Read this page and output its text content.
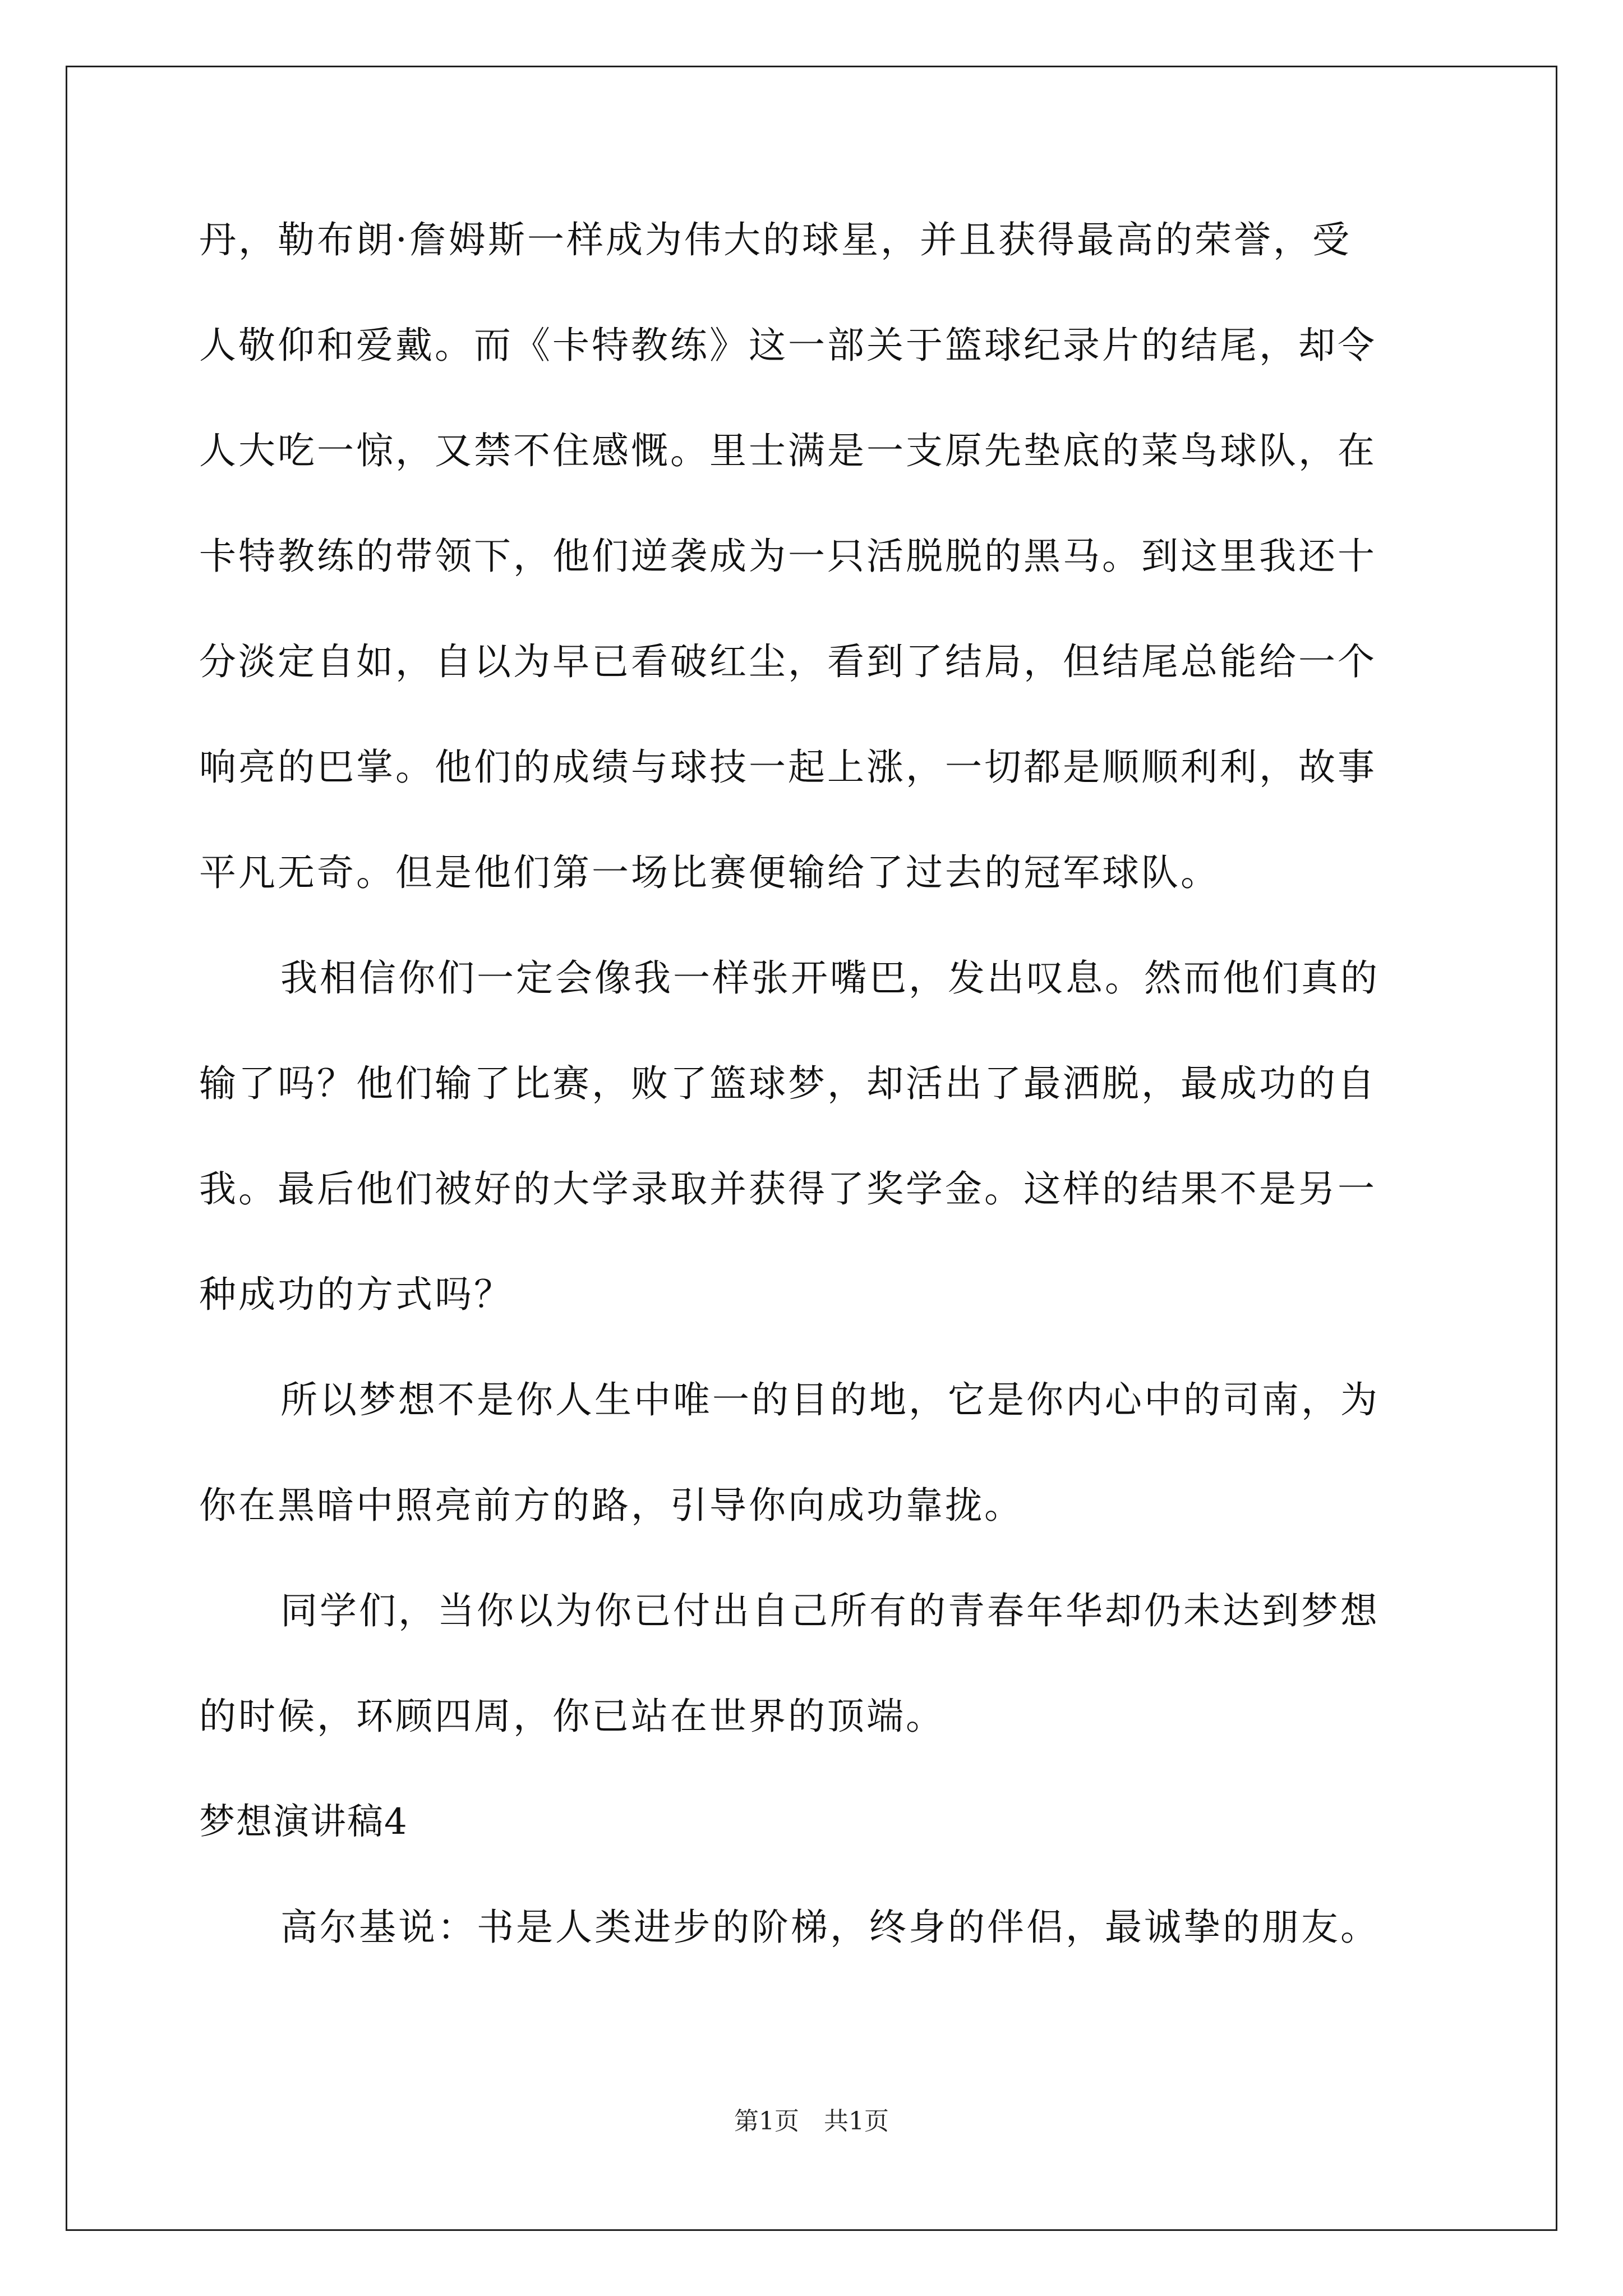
丹，勒布朗·詹姆斯一样成为伟大的球星，并且获得最高的荣誉，受
人敬仰和爱戴。而《卡特教练》这一部关于篮球纪录片的结尾，却令
人大吃一惊，又禁不住感慨。里士满是一支原先垫底的菜鸟球队，在
卡特教练的带领下，他们逆袭成为一只活脱脱的黑马。到这里我还十
分淡定自如，自以为早已看破红尘，看到了结局，但结尾总能给一个
响亮的巴掌。他们的成绩与球技一起上涨，一切都是顺顺利利，故事
平凡无奇。但是他们第一场比赛便输给了过去的冠军球队。
我相信你们一定会像我一样张开嘴巴，发出叹息。然而他们真的
输了吗？他们输了比赛，败了篮球梦，却活出了最洒脱，最成功的自
我。最后他们被好的大学录取并获得了奖学金。这样的结果不是另一
种成功的方式吗？
所以梦想不是你人生中唯一的目的地，它是你内心中的司南，为
你在黑暗中照亮前方的路，引导你向成功靠拢。
同学们，当你以为你已付出自己所有的青春年华却仍未达到梦想
的时候，环顾四周，你已站在世界的顶端。
梦想演讲稿4
高尔基说：书是人类进步的阶梯，终身的伴侣，最诚挚的朋友。
第1页　共1页
